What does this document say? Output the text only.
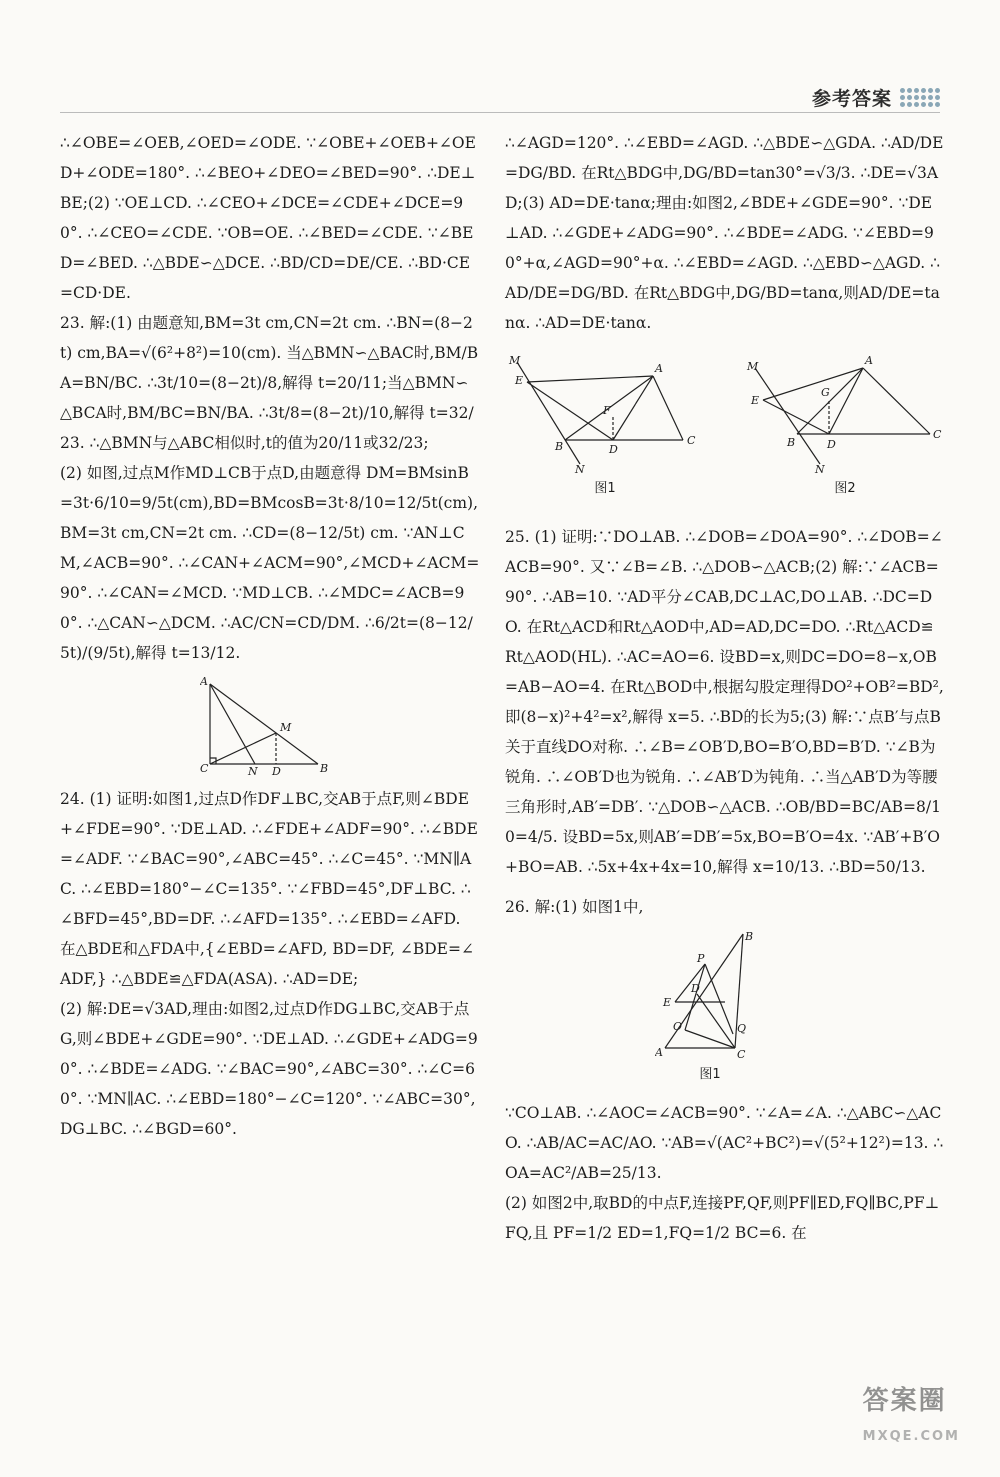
参考答案

∴∠OBE=∠OEB,∠OED=∠ODE. ∵∠OBE+∠OEB+∠OED+∠ODE=180°. ∴∠BEO+∠DEO=∠BED=90°. ∴DE⊥BE;(2) ∵OE⊥CD. ∴∠CEO+∠DCE=∠CDE+∠DCE=90°. ∴∠CEO=∠CDE. ∵OB=OE. ∴∠BED=∠CDE. ∵∠BED=∠BED. ∴△BDE∽△DCE. ∴BD/CD=DE/CE. ∴BD·CE=CD·DE.

23. 解:(1) 由题意知,BM=3t cm,CN=2t cm. ∴BN=(8−2t) cm,BA=√(6²+8²)=10(cm). 当△BMN∽△BAC时,BM/BA=BN/BC. ∴3t/10=(8−2t)/8,解得 t=20/11;当△BMN∽△BCA时,BM/BC=BN/BA. ∴3t/8=(8−2t)/10,解得 t=32/23. ∴△BMN与△ABC相似时,t的值为20/11或32/23;

(2) 如图,过点M作MD⊥CB于点D,由题意得 DM=BMsinB=3t·6/10=9/5t(cm),BD=BMcosB=3t·8/10=12/5t(cm),BM=3t cm,CN=2t cm. ∴CD=(8−12/5t) cm. ∵AN⊥CM,∠ACB=90°. ∴∠CAN+∠ACM=90°,∠MCD+∠ACM=90°. ∴∠CAN=∠MCD. ∵MD⊥CB. ∴∠MDC=∠ACB=90°. ∴△CAN∽△DCM. ∴AC/CN=CD/DM. ∴6/2t=(8−12/5t)/(9/5t),解得 t=13/12.

A
M
C	N D	B

24. (1) 证明:如图1,过点D作DF⊥BC,交AB于点F,则∠BDE+∠FDE=90°. ∵DE⊥AD. ∴∠FDE+∠ADF=90°. ∴∠BDE=∠ADF. ∵∠BAC=90°,∠ABC=45°. ∴∠C=45°. ∵MN∥AC. ∴∠EBD=180°−∠C=135°. ∵∠FBD=45°,DF⊥BC. ∴∠BFD=45°,BD=DF. ∴∠AFD=135°. ∴∠EBD=∠AFD. 在△BDE和△FDA中,{∠EBD=∠AFD, BD=DF, ∠BDE=∠ADF,} ∴△BDE≌△FDA(ASA). ∴AD=DE;

(2) 解:DE=√3AD,理由:如图2,过点D作DG⊥BC,交AB于点G,则∠BDE+∠GDE=90°. ∵DE⊥AD. ∴∠GDE+∠ADG=90°. ∴∠BDE=∠ADG. ∵∠BAC=90°,∠ABC=30°. ∴∠C=60°. ∵MN∥AC. ∴∠EBD=180°−∠C=120°. ∵∠ABC=30°,DG⊥BC. ∴∠BGD=60°.

∴∠AGD=120°. ∴∠EBD=∠AGD. ∴△BDE∽△GDA. ∴AD/DE=DG/BD. 在Rt△BDG中,DG/BD=tan30°=√3/3. ∴DE=√3AD;(3) AD=DE·tanα;理由:如图2,∠BDE+∠GDE=90°. ∵DE⊥AD. ∴∠GDE+∠ADG=90°. ∴∠BDE=∠ADG. ∵∠EBD=90°+α,∠AGD=90°+α. ∴∠EBD=∠AGD. ∴△EBD∽△AGD. ∴AD/DE=DG/BD. 在Rt△BDG中,DG/BD=tanα,则AD/DE=tanα. ∴AD=DE·tanα.

M
E
A
F
B	D
C
N
图1
M	A
G
E
B	D
C
N
图2

25. (1) 证明:∵DO⊥AB. ∴∠DOB=∠DOA=90°. ∴∠DOB=∠ACB=90°. 又∵∠B=∠B. ∴△DOB∽△ACB;(2) 解:∵∠ACB=90°. ∴AB=10. ∵AD平分∠CAB,DC⊥AC,DO⊥AB. ∴DC=DO. 在Rt△ACD和Rt△AOD中,AD=AD,DC=DO. ∴Rt△ACD≌Rt△AOD(HL). ∴AC=AO=6. 设BD=x,则DC=DO=8−x,OB=AB−AO=4. 在Rt△BOD中,根据勾股定理得DO²+OB²=BD²,即(8−x)²+4²=x²,解得 x=5. ∴BD的长为5;(3) 解:∵点B′与点B关于直线DO对称. ∴∠B=∠OB′D,BO=B′O,BD=B′D. ∵∠B为锐角. ∴∠OB′D也为锐角. ∴∠AB′D为钝角. ∴当△AB′D为等腰三角形时,AB′=DB′. ∵△DOB∽△ACB. ∴OB/BD=BC/AB=8/10=4/5. 设BD=5x,则AB′=DB′=5x,BO=B′O=4x. ∵AB′+B′O+BO=AB. ∴5x+4x+4x=10,解得 x=10/13. ∴BD=50/13.

26. 解:(1) 如图1中,

B
P
E
D
O	Q
A	C
图1

∵CO⊥AB. ∴∠AOC=∠ACB=90°. ∵∠A=∠A. ∴△ABC∽△ACO. ∴AB/AC=AC/AO. ∵AB=√(AC²+BC²)=√(5²+12²)=13. ∴OA=AC²/AB=25/13.

(2) 如图2中,取BD的中点F,连接PF,QF,则PF∥ED,FQ∥BC,PF⊥FQ,且 PF=1/2 ED=1,FQ=1/2 BC=6. 在

答案圈
MXQE.COM
